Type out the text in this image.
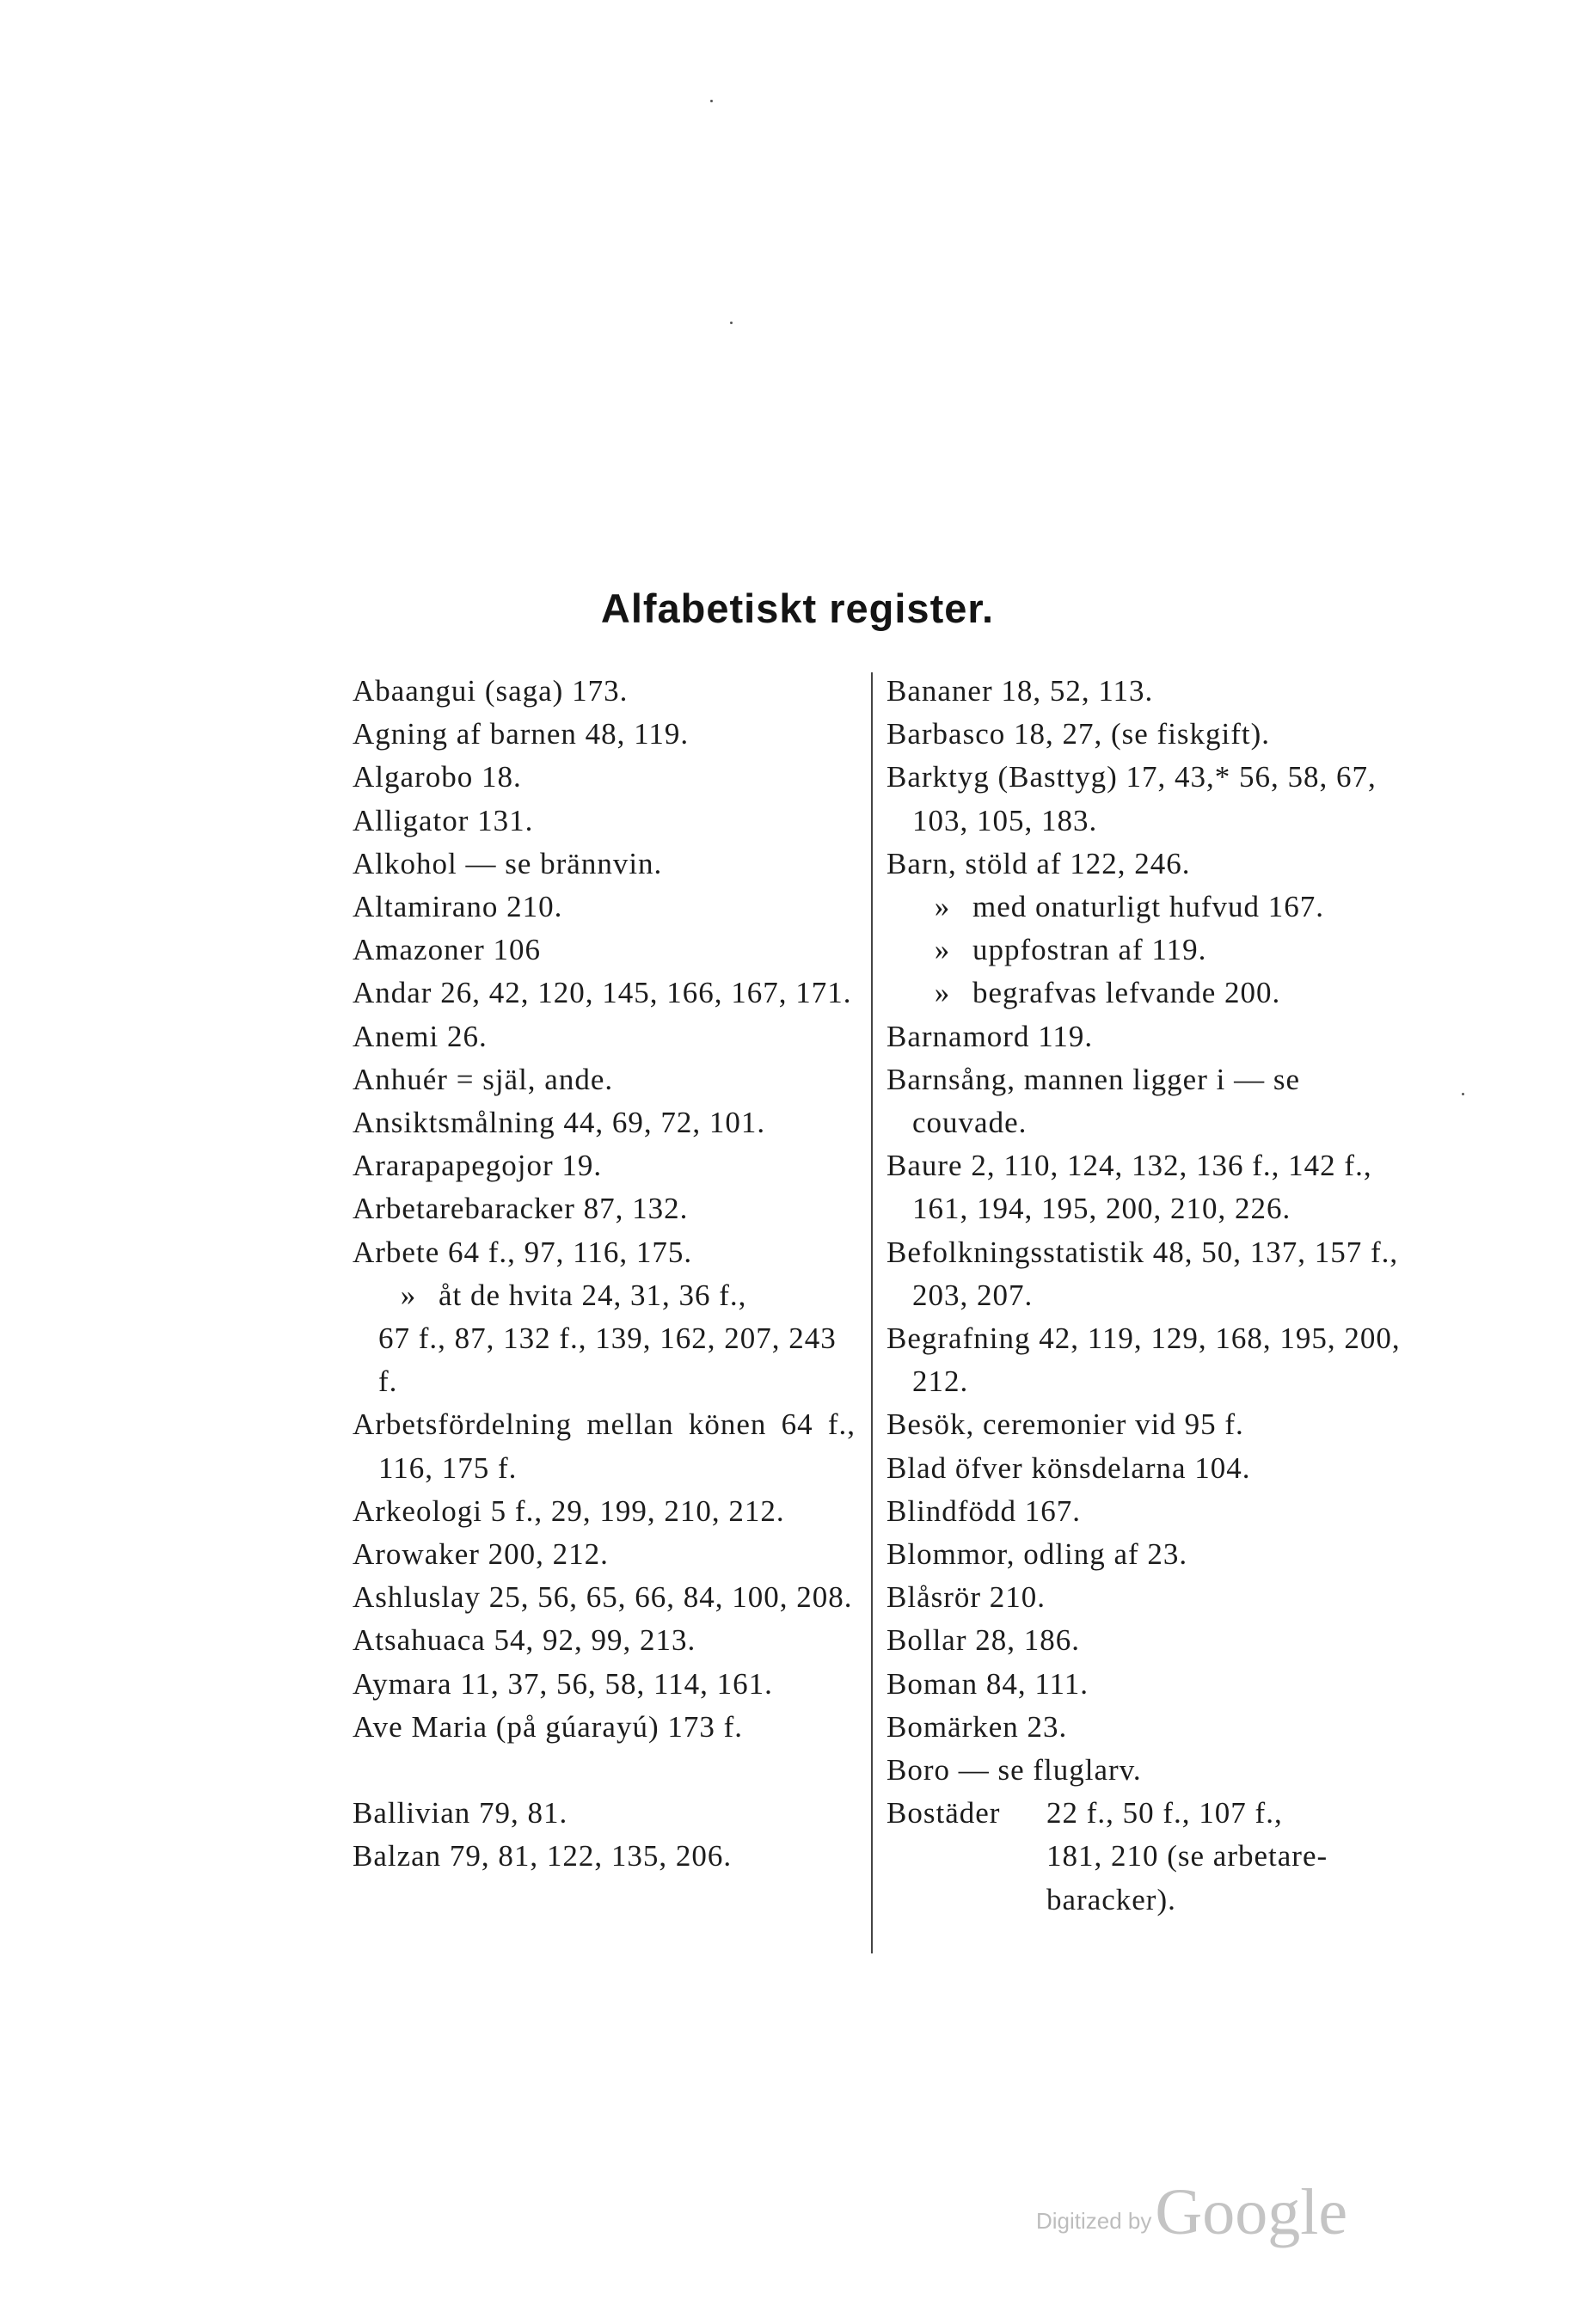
Alfabetiskt register.

Abaangui (saga) 173.

Agning af barnen 48, 119.

Algarobo 18.

Alligator 131.

Alkohol — se brännvin.

Altamirano 210.

Amazoner 106

Andar 26, 42, 120, 145, 166, 167, 171.

Anemi 26.

Anhuér = själ, ande.

Ansiktsmålning 44, 69, 72, 101.

Ararapapegojor 19.

Arbetarebaracker 87, 132.

Arbete 64 f., 97, 116, 175.

» åt de hvita 24, 31, 36 f.,

67 f., 87, 132 f., 139, 162, 207, 243 f.

Arbetsfördelning mellan könen 64 f., 116, 175 f.

Arkeologi 5 f., 29, 199, 210, 212.

Arowaker 200, 212.

Ashluslay 25, 56, 65, 66, 84, 100, 208.

Atsahuaca 54, 92, 99, 213.

Aymara 11, 37, 56, 58, 114, 161.

Ave Maria (på gúarayú) 173 f.

Ballivian 79, 81.

Balzan 79, 81, 122, 135, 206.

Bananer 18, 52, 113.

Barbasco 18, 27, (se fiskgift).

Barktyg (Basttyg) 17, 43,* 56, 58, 67, 103, 105, 183.

Barn, stöld af 122, 246.

» med onaturligt hufvud 167.

» uppfostran af 119.

» begrafvas lefvande 200.

Barnamord 119.

Barnsång, mannen ligger i — se couvade.

Baure 2, 110, 124, 132, 136 f., 142 f., 161, 194, 195, 200, 210, 226.

Befolkningsstatistik 48, 50, 137, 157 f., 203, 207.

Begrafning 42, 119, 129, 168, 195, 200, 212.

Besök, ceremonier vid 95 f.

Blad öfver könsdelarna 104.

Blindfödd 167.

Blommor, odling af 23.

Blåsrör 210.

Bollar 28, 186.

Boman 84, 111.

Bomärken 23.

Boro — se fluglarv.

Bostäder 22 f., 50 f., 107 f.,

181, 210 (se arbetare-

baracker).

Digitized by Google
